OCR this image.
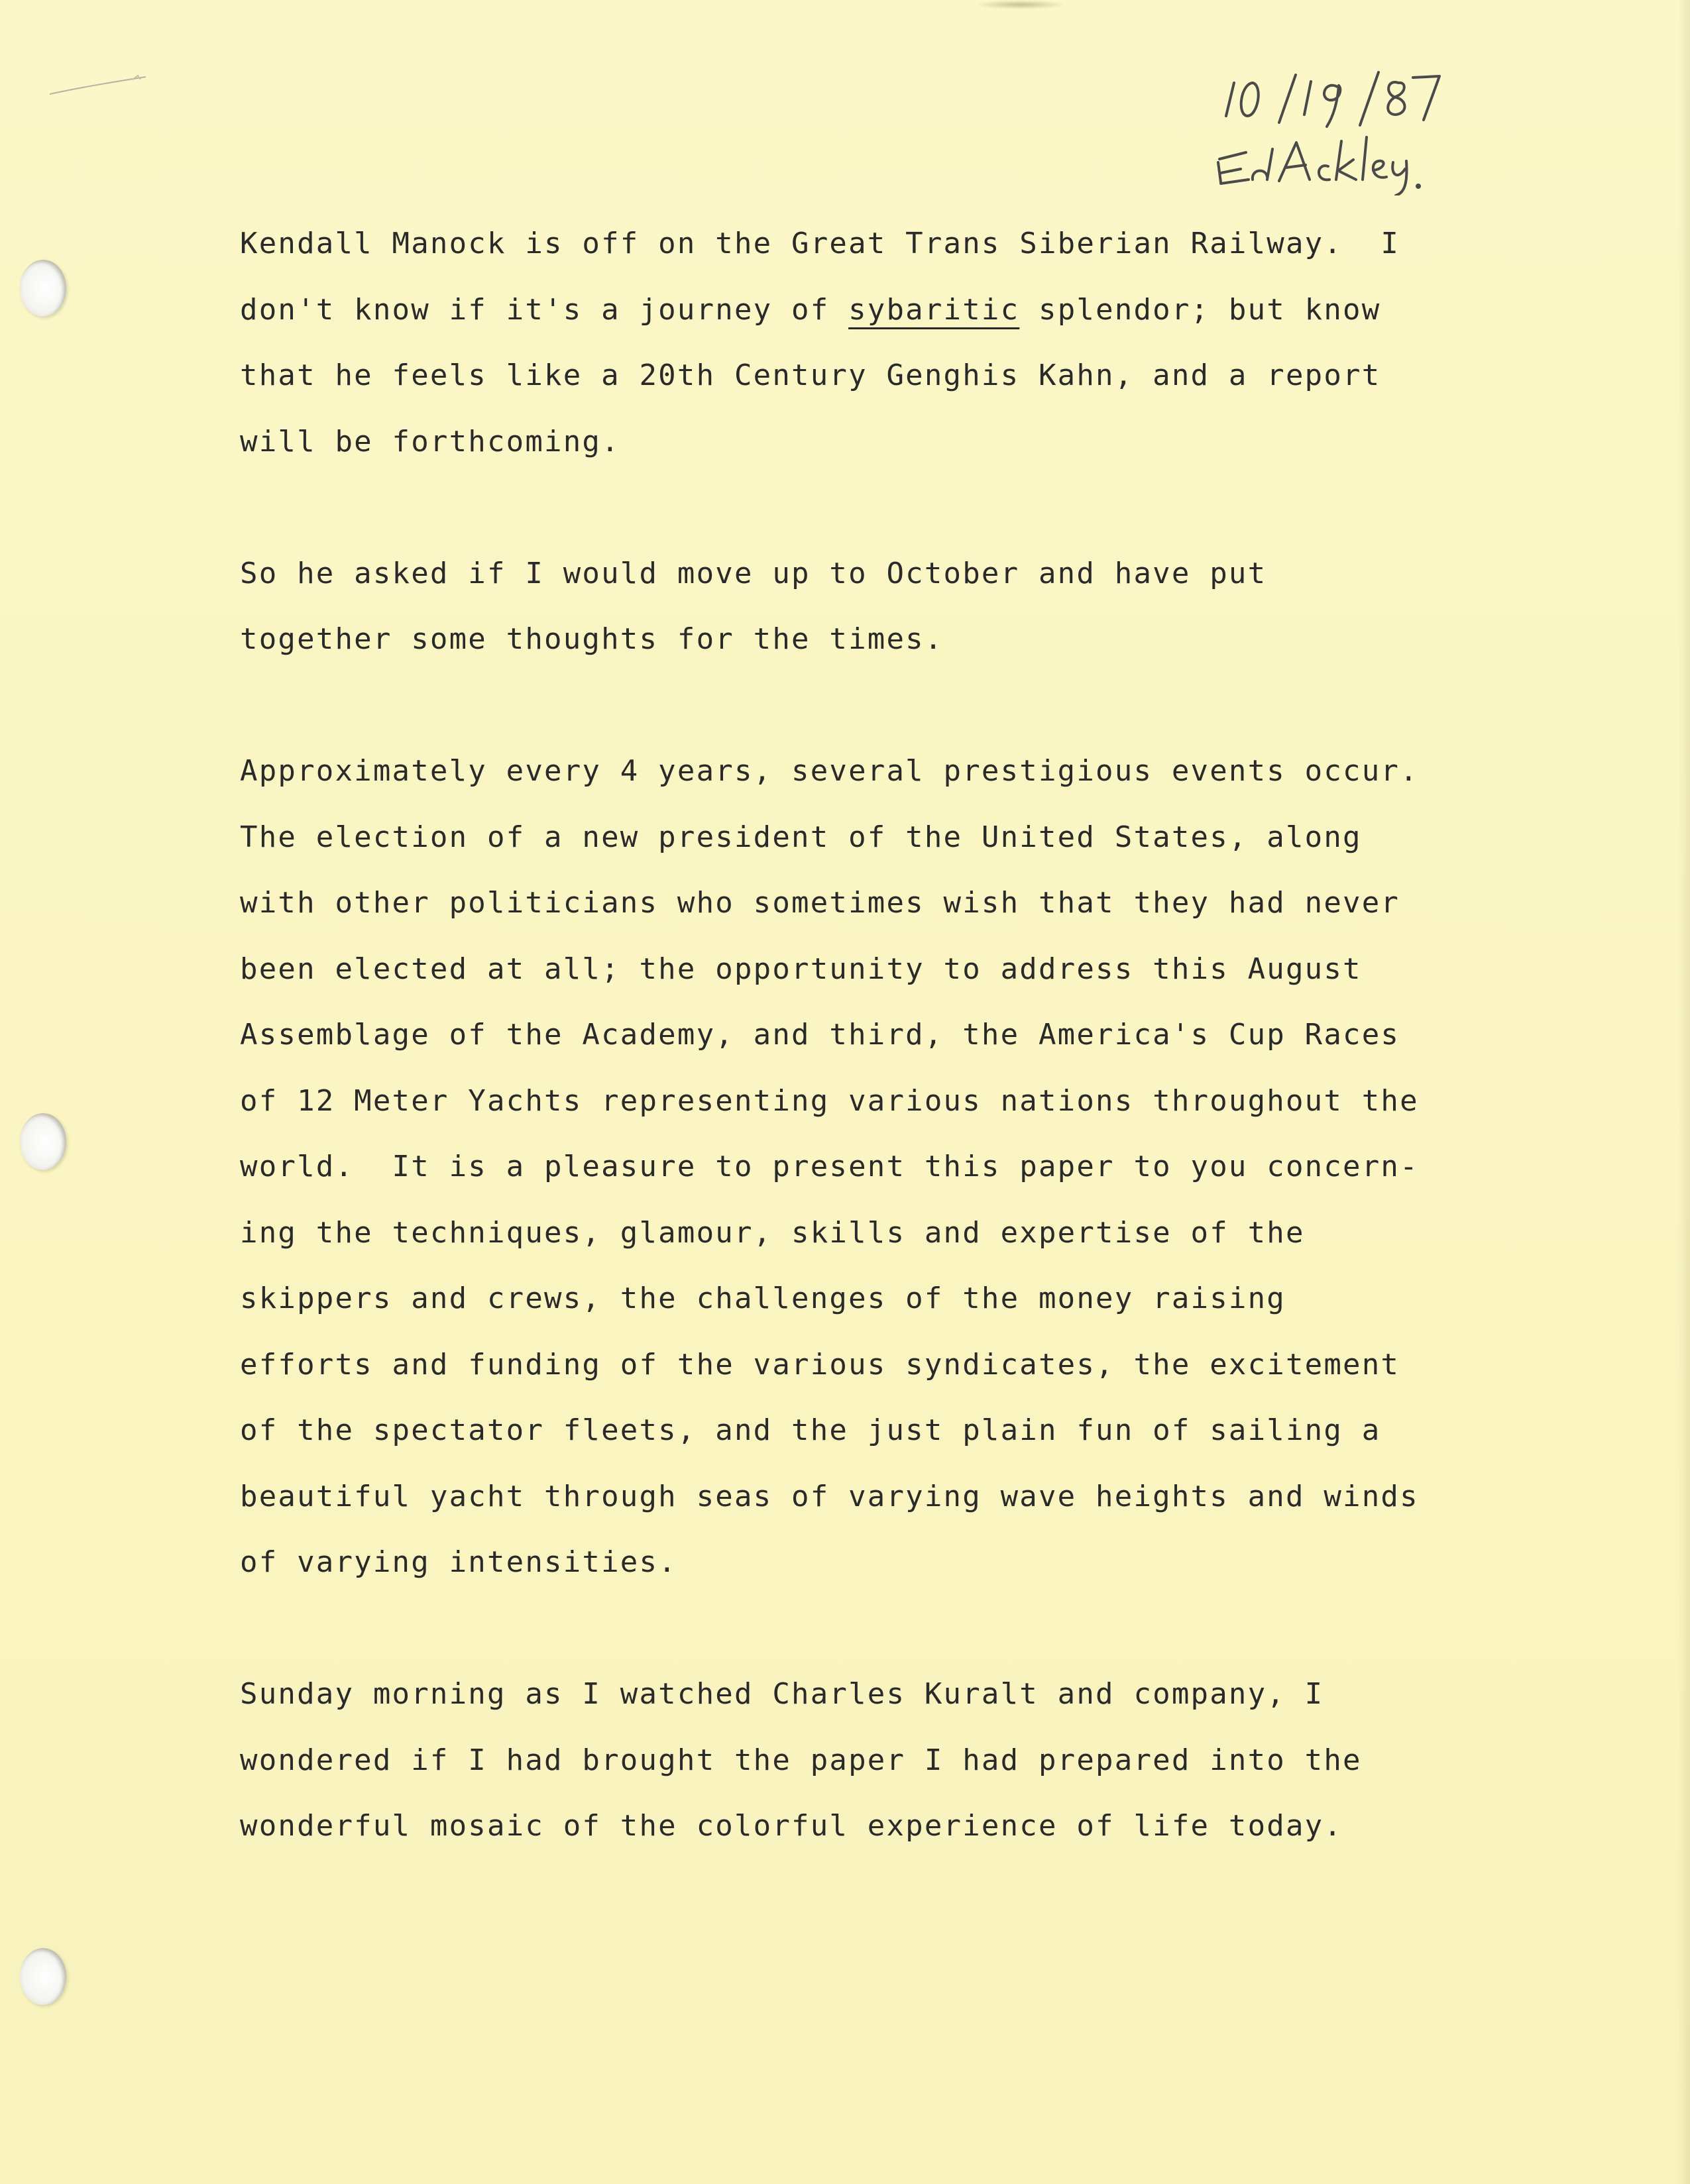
Kendall Manock is off on the Great Trans Siberian Railway.  I
don't know if it's a journey of sybaritic splendor; but know
that he feels like a 20th Century Genghis Kahn, and a report
will be forthcoming.

So he asked if I would move up to October and have put
together some thoughts for the times.

Approximately every 4 years, several prestigious events occur.
The election of a new president of the United States, along
with other politicians who sometimes wish that they had never
been elected at all; the opportunity to address this August
Assemblage of the Academy, and third, the America's Cup Races
of 12 Meter Yachts representing various nations throughout the
world.  It is a pleasure to present this paper to you concern-
ing the techniques, glamour, skills and expertise of the
skippers and crews, the challenges of the money raising
efforts and funding of the various syndicates, the excitement
of the spectator fleets, and the just plain fun of sailing a
beautiful yacht through seas of varying wave heights and winds
of varying intensities.

Sunday morning as I watched Charles Kuralt and company, I
wondered if I had brought the paper I had prepared into the
wonderful mosaic of the colorful experience of life today.
